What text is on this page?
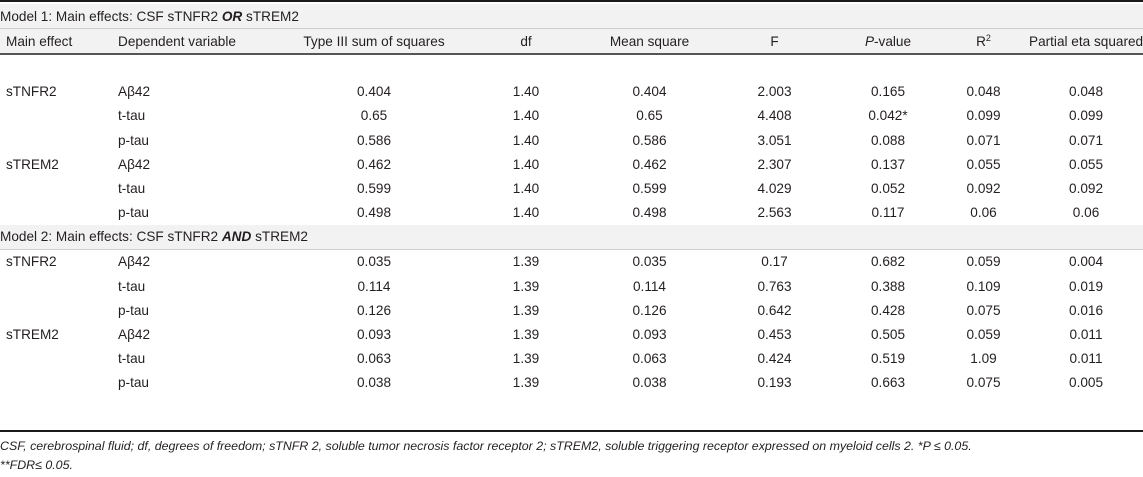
Model 1: Main effects: CSF sTNFR2 OR sTREM2								
Main effect	Dependent variable	Type III sum of squares	df	Mean square	F	P-value	$R^2$	Partial eta squared

sTNFR2	Aβ42	0.404	1.40	0.404	2.003	0.165	0.048	0.048
	t-tau	0.65	1.40	0.65	4.408	0.042*	0.099	0.099
	p-tau	0.586	1.40	0.586	3.051	0.088	0.071	0.071
sTREM2	Aβ42	0.462	1.40	0.462	2.307	0.137	0.055	0.055
	t-tau	0.599	1.40	0.599	4.029	0.052	0.092	0.092
	p-tau	0.498	1.40	0.498	2.563	0.117	0.06	0.06
Model 2: Main effects: CSF sTNFR2 AND sTREM2								
sTNFR2	Aβ42	0.035	1.39	0.035	0.17	0.682	0.059	0.004
	t-tau	0.114	1.39	0.114	0.763	0.388	0.109	0.019
	p-tau	0.126	1.39	0.126	0.642	0.428	0.075	0.016
sTREM2	Aβ42	0.093	1.39	0.093	0.453	0.505	0.059	0.011
	t-tau	0.063	1.39	0.063	0.424	0.519	1.09	0.011
	p-tau	0.038	1.39	0.038	0.193	0.663	0.075	0.005
CSF, cerebrospinal fluid; df, degrees of freedom; sTNFR 2, soluble tumor necrosis factor receptor 2; sTREM2, soluble triggering receptor expressed on myeloid cells 2. *P ≤ 0.05.
**FDR≤ 0.05.
